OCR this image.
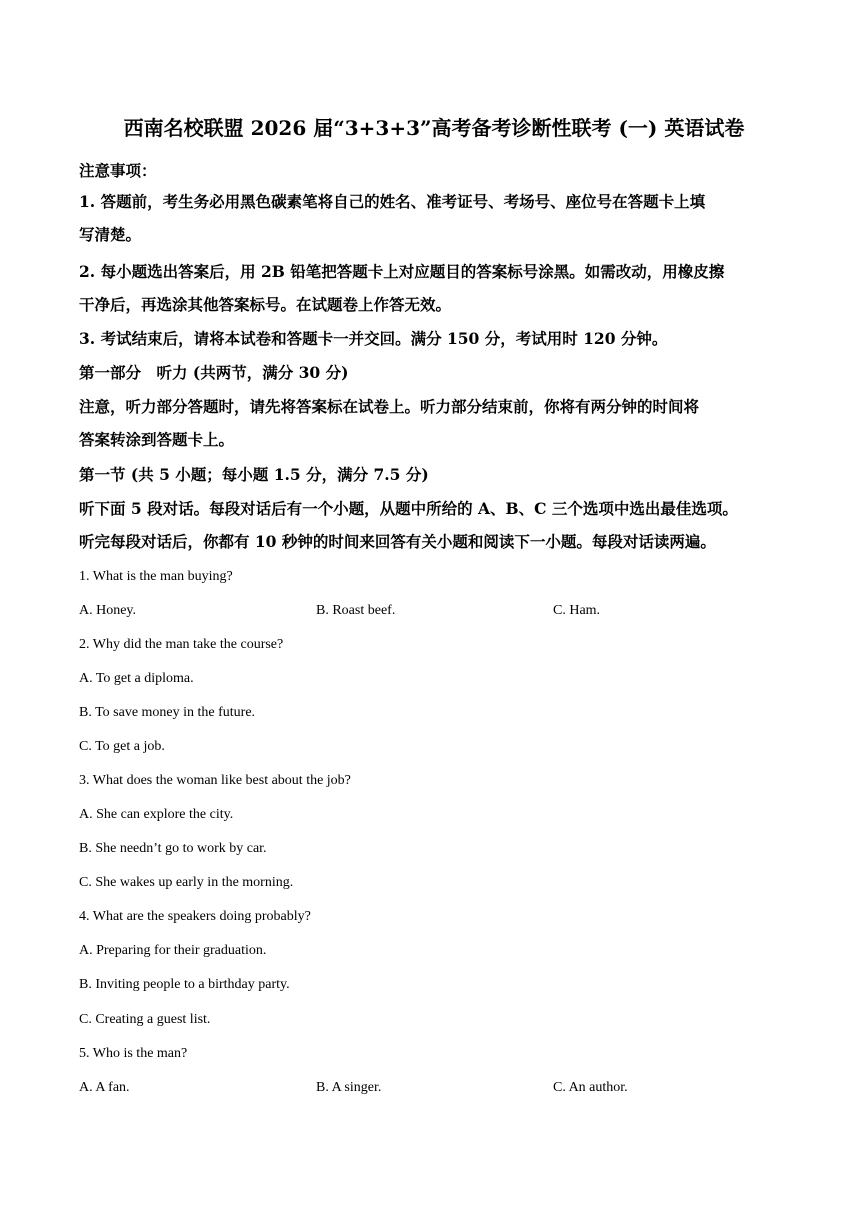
西南名校联盟 2026 届“3+3+3”高考备考诊断性联考 (一) 英语试卷
注意事项：
1. 答题前，考生务必用黑色碳素笔将自己的姓名、准考证号、考场号、座位号在答题卡上填
写清楚。
2. 每小题选出答案后，用 2B 铅笔把答题卡上对应题目的答案标号涂黑。如需改动，用橡皮擦
干净后，再选涂其他答案标号。在试题卷上作答无效。
3. 考试结束后，请将本试卷和答题卡一并交回。满分 150 分，考试用时 120 分钟。
第一部分　听力 (共两节，满分 30 分)
注意，听力部分答题时，请先将答案标在试卷上。听力部分结束前，你将有两分钟的时间将
答案转涂到答题卡上。
第一节 (共 5 小题；每小题 1.5 分，满分 7.5 分)
听下面 5 段对话。每段对话后有一个小题，从题中所给的 A、B、C 三个选项中选出最佳选项。
听完每段对话后，你都有 10 秒钟的时间来回答有关小题和阅读下一小题。每段对话读两遍。
1. What is the man buying?
A. Honey.	B. Roast beef.	C. Ham.
2. Why did the man take the course?
A. To get a diploma.
B. To save money in the future.
C. To get a job.
3. What does the woman like best about the job?
A. She can explore the city.
B. She needn’t go to work by car.
C. She wakes up early in the morning.
4. What are the speakers doing probably?
A. Preparing for their graduation.
B. Inviting people to a birthday party.
C. Creating a guest list.
5. Who is the man?
A. A fan.	B. A singer.	C. An author.
